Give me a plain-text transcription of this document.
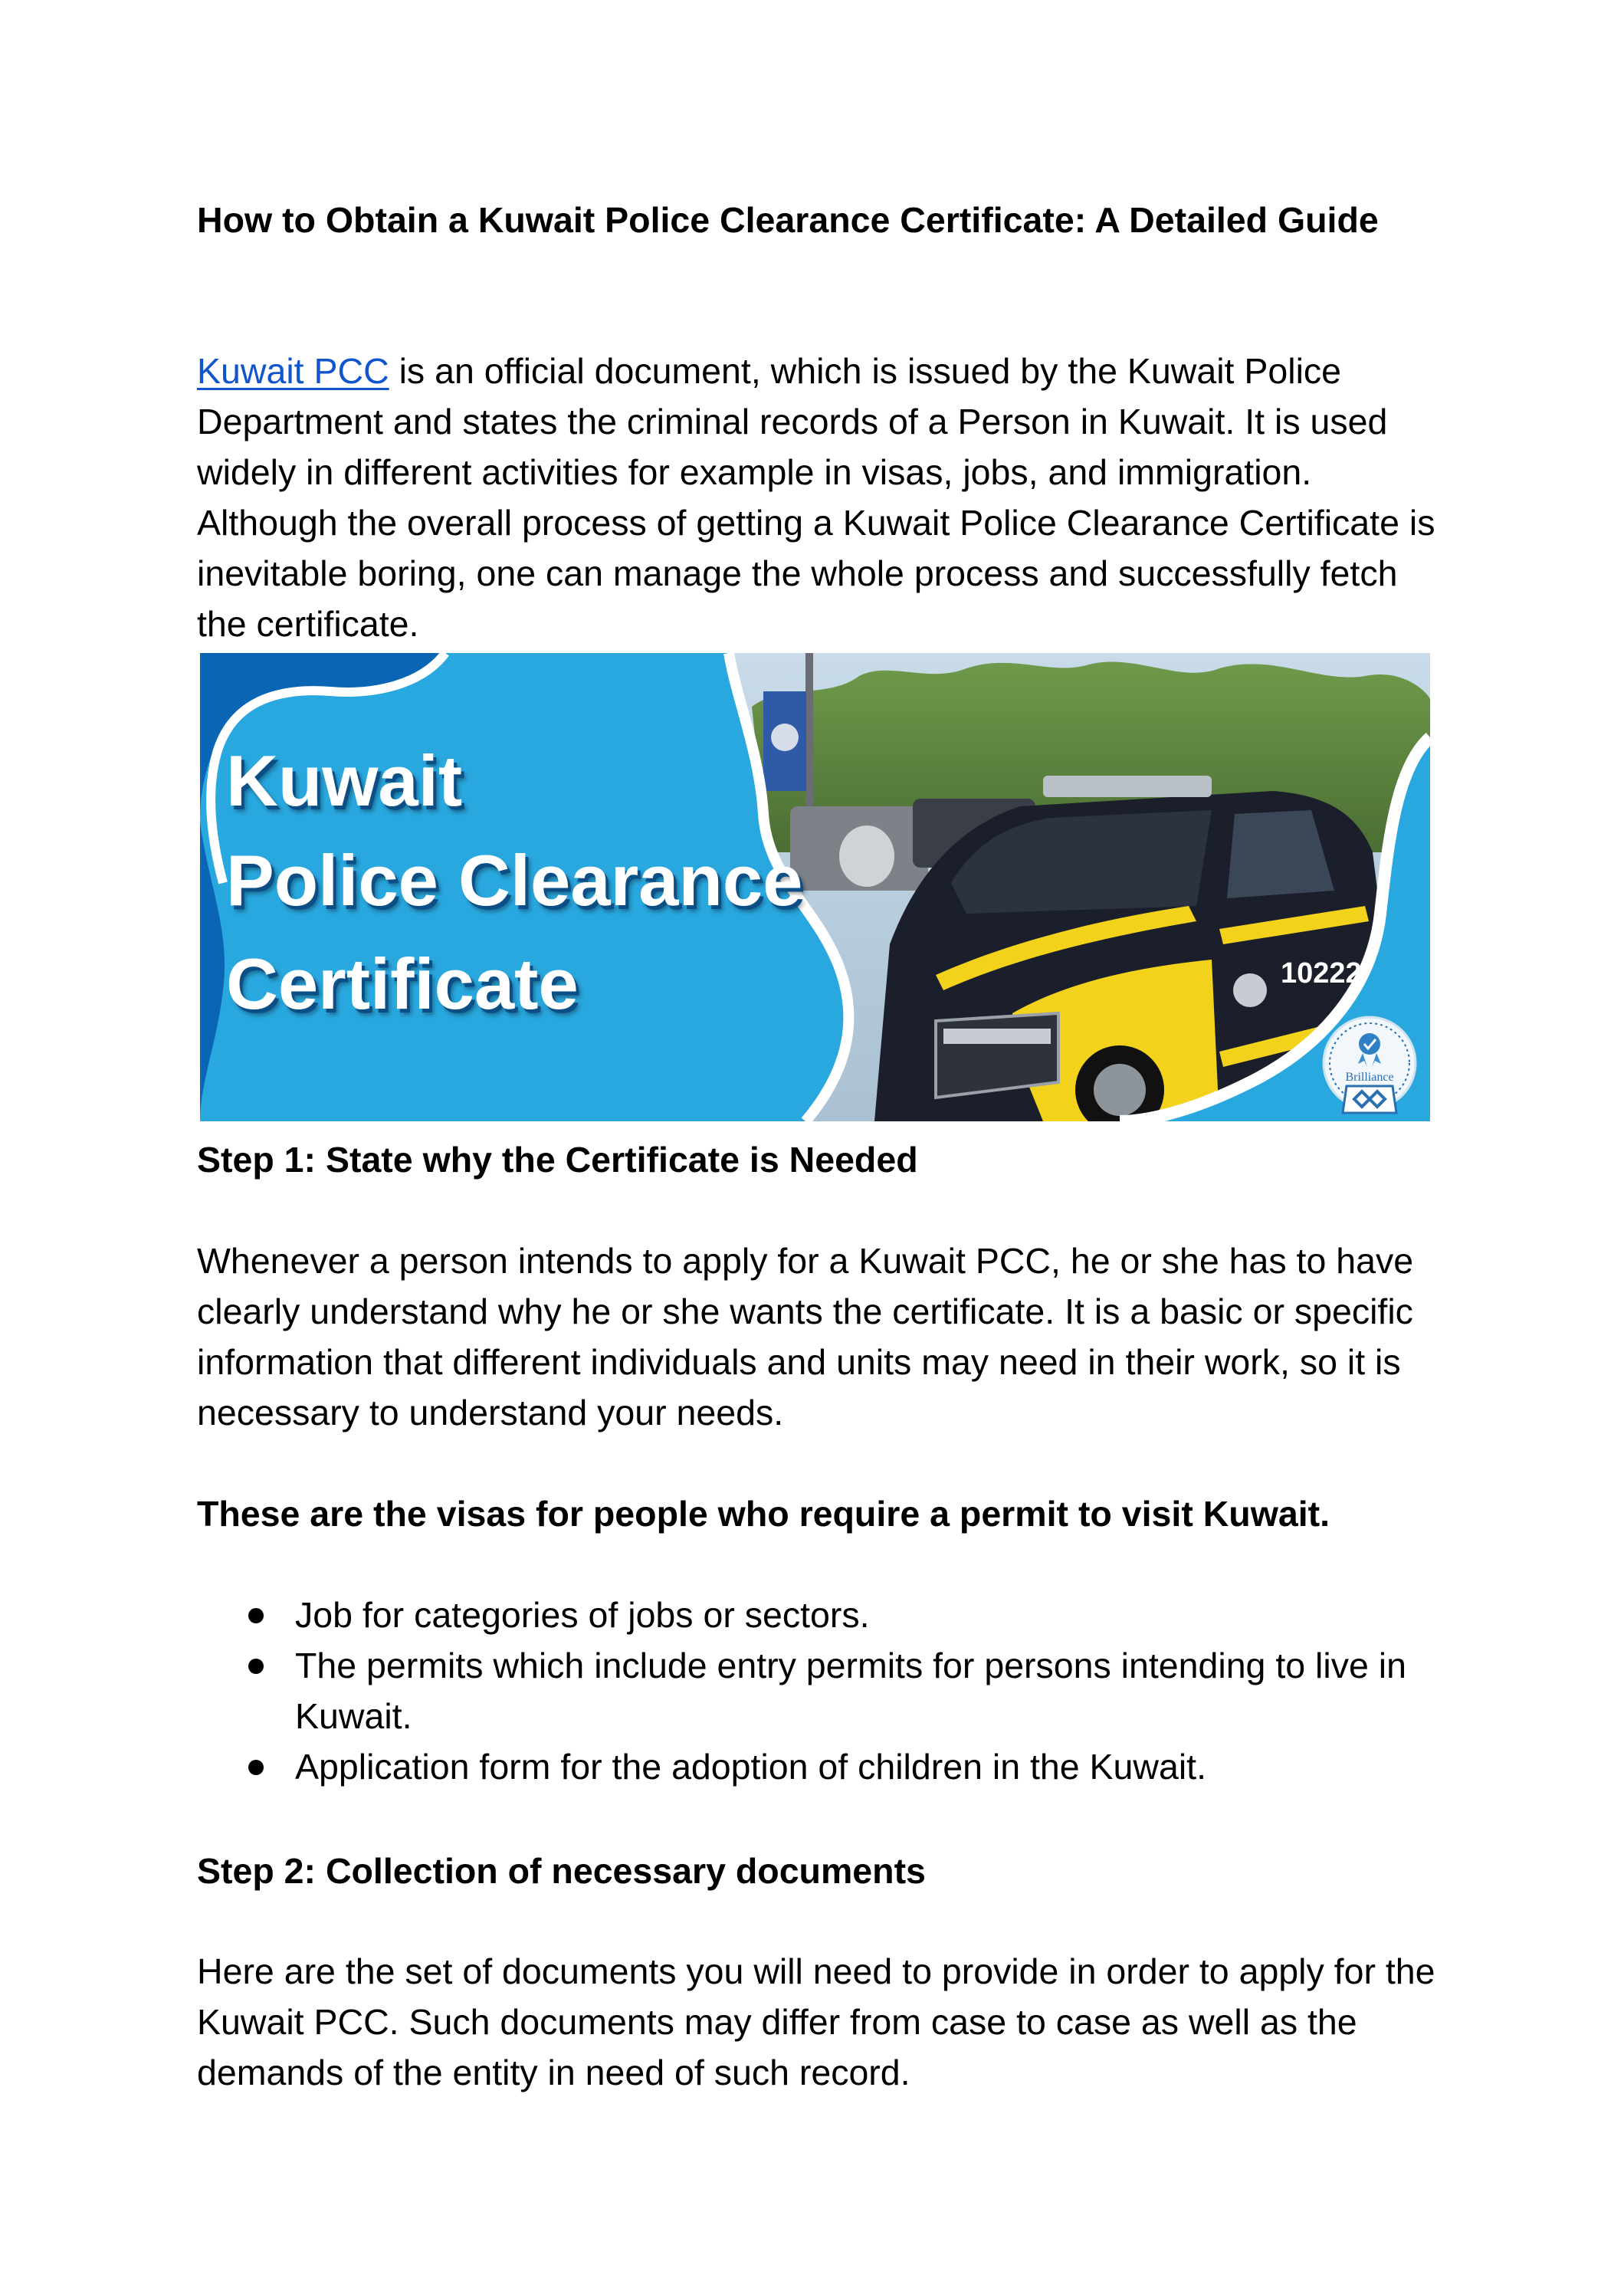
How to Obtain a Kuwait Police Clearance Certificate: A Detailed Guide

Kuwait PCC is an official document, which is issued by the Kuwait Police Department and states the criminal records of a Person in Kuwait. It is used widely in different activities for example in visas, jobs, and immigration. Although the overall process of getting a Kuwait Police Clearance Certificate is inevitable boring, one can manage the whole process and successfully fetch the certificate.

10222
Kuwait
Police Clearance
Certificate
Brilliance
Step 1: State why the Certificate is Needed

Whenever a person intends to apply for a Kuwait PCC, he or she has to have clearly understand why he or she wants the certificate. It is a basic or specific information that different individuals and units may need in their work, so it is necessary to understand your needs.

These are the visas for people who require a permit to visit Kuwait.

Job for categories of jobs or sectors.
The permits which include entry permits for persons intending to live in Kuwait.
Application form for the adoption of children in the Kuwait.
Step 2: Collection of necessary documents

Here are the set of documents you will need to provide in order to apply for the Kuwait PCC. Such documents may differ from case to case as well as the demands of the entity in need of such record.
